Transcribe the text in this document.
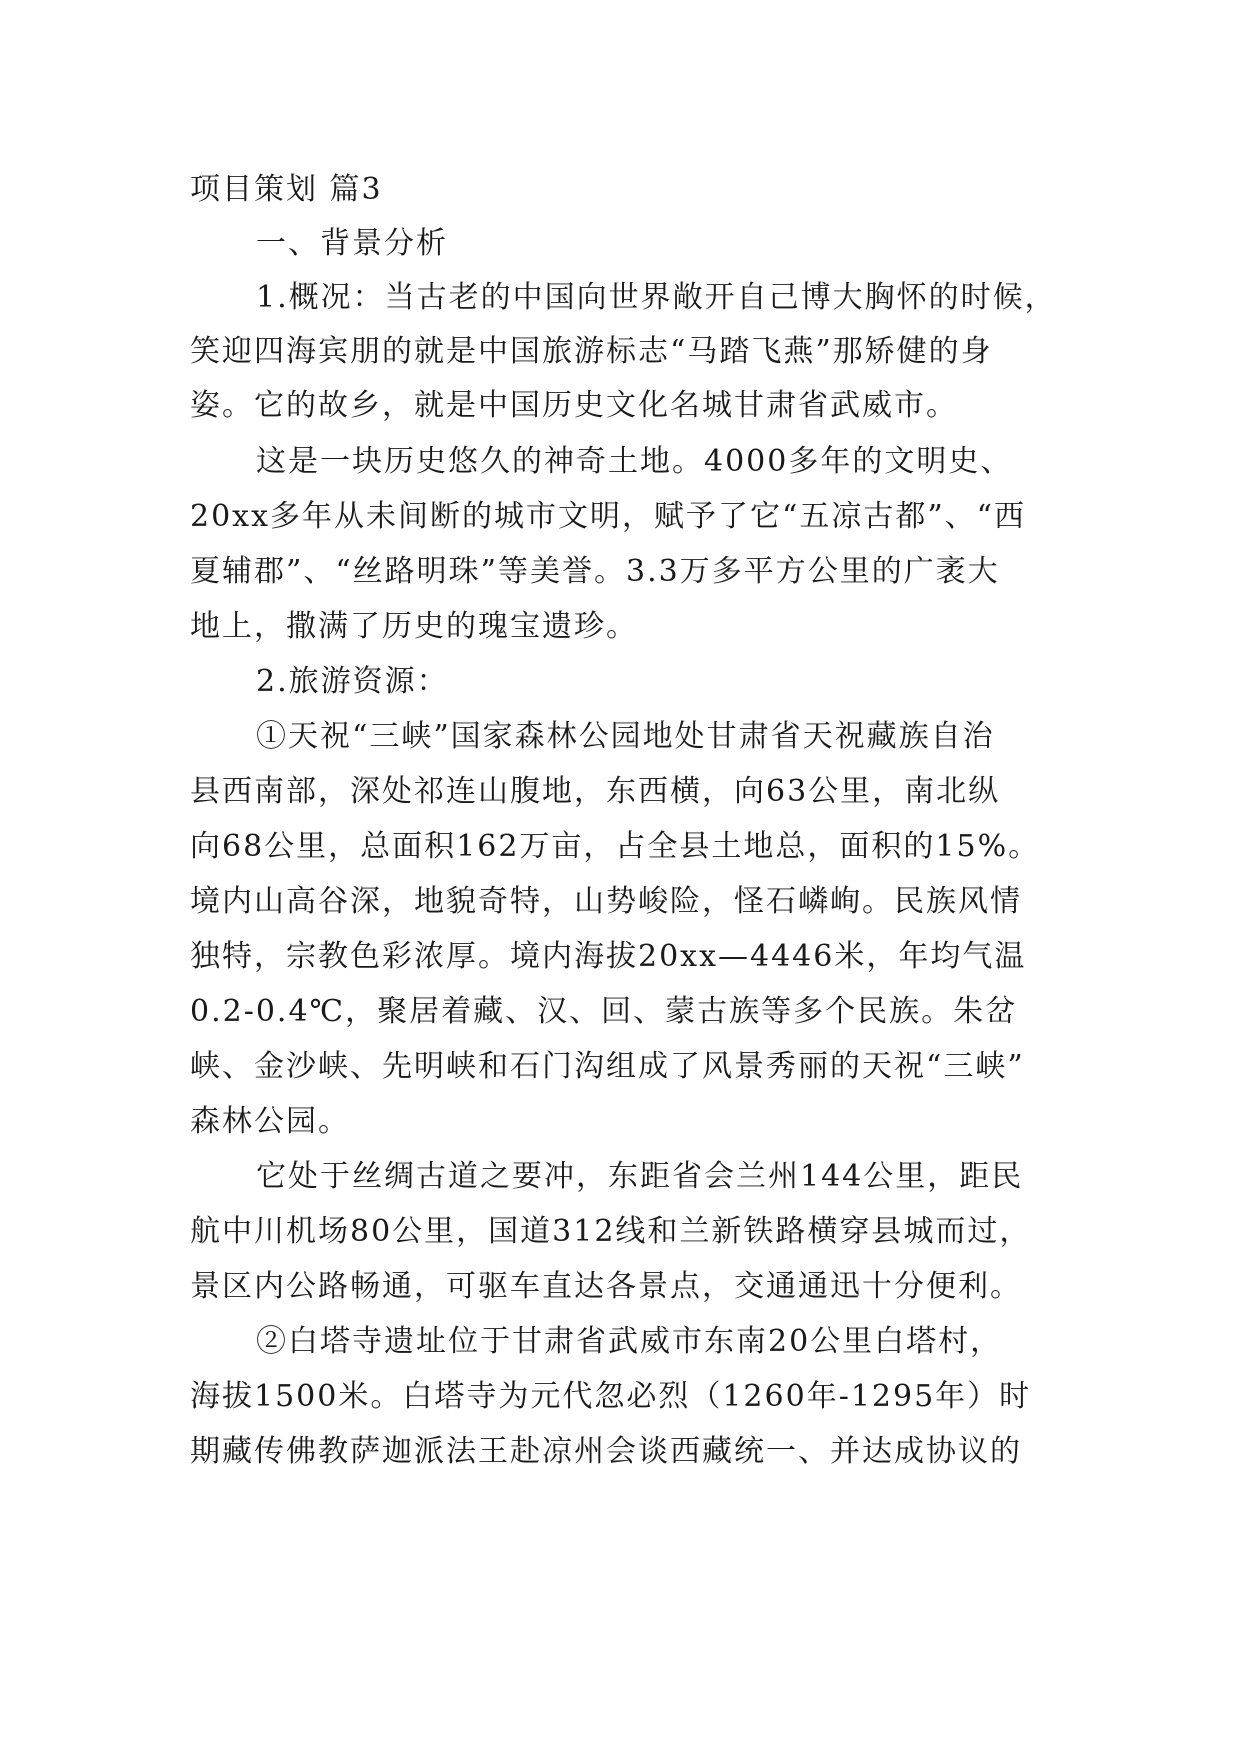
项目策划 篇3
一、背景分析
1.概况：当古老的中国向世界敞开自己博大胸怀的时候，
笑迎四海宾朋的就是中国旅游标志“马踏飞燕”那矫健的身
姿。它的故乡，就是中国历史文化名城甘肃省武威市。
这是一块历史悠久的神奇土地。4000多年的文明史、
20xx多年从未间断的城市文明，赋予了它“五凉古都”、“西
夏辅郡”、“丝路明珠”等美誉。3.3万多平方公里的广袤大
地上，撒满了历史的瑰宝遗珍。
2.旅游资源：
①天祝“三峡”国家森林公园地处甘肃省天祝藏族自治
县西南部，深处祁连山腹地，东西横，向63公里，南北纵
向68公里，总面积162万亩，占全县土地总，面积的15%。
境内山高谷深，地貌奇特，山势峻险，怪石嶙峋。民族风情
独特，宗教色彩浓厚。境内海拔20xx—4446米，年均气温
0.2-0.4℃，聚居着藏、汉、回、蒙古族等多个民族。朱岔
峡、金沙峡、先明峡和石门沟组成了风景秀丽的天祝“三峡”
森林公园。
它处于丝绸古道之要冲，东距省会兰州144公里，距民
航中川机场80公里，国道312线和兰新铁路横穿县城而过，
景区内公路畅通，可驱车直达各景点，交通通迅十分便利。
②白塔寺遗址位于甘肃省武威市东南20公里白塔村，
海拔1500米。白塔寺为元代忽必烈（1260年-1295年）时
期藏传佛教萨迦派法王赴凉州会谈西藏统一、并达成协议的
